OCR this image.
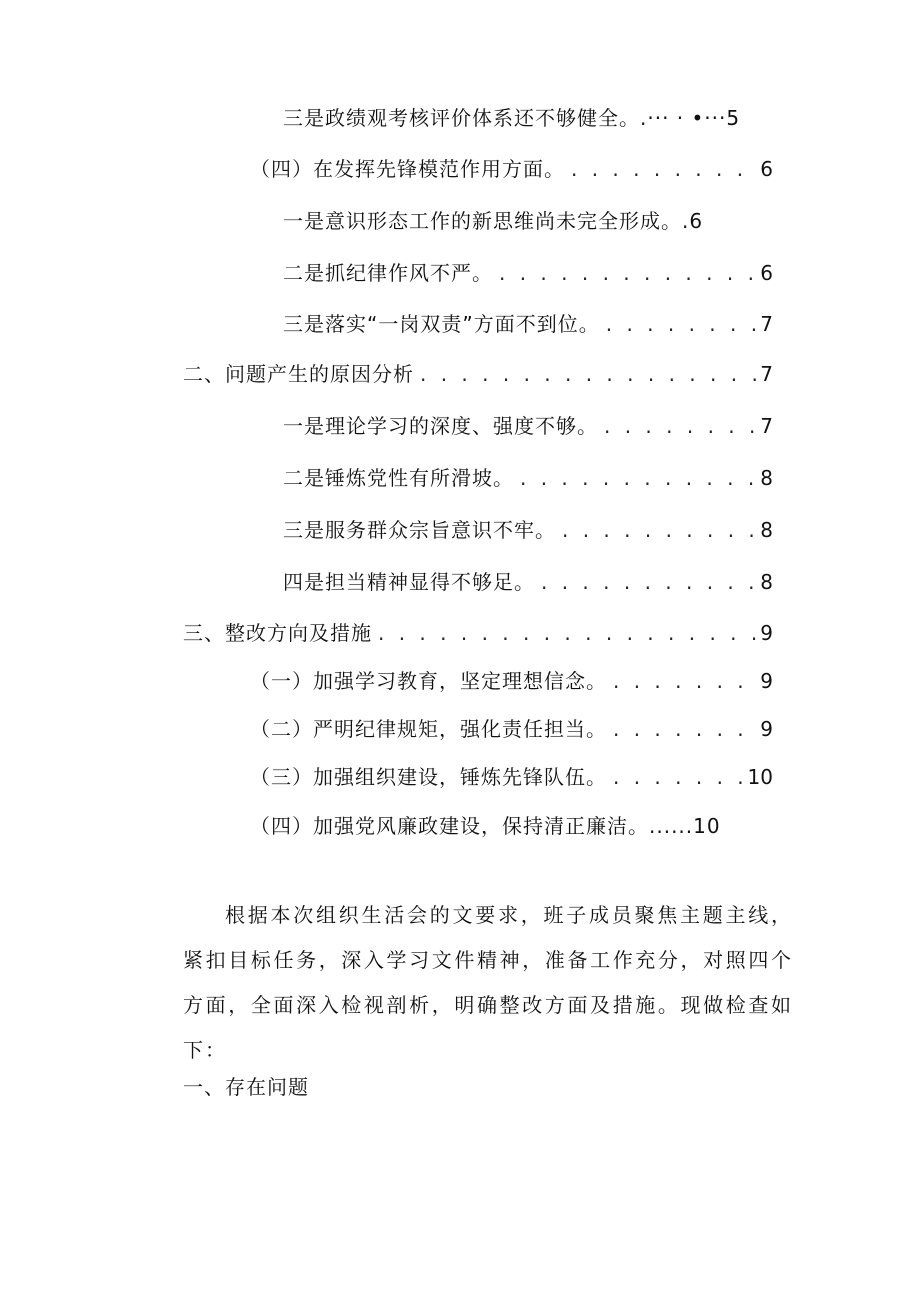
三是政绩观考核评价体系还不够健全。. ··· · •···5
（四）在发挥先锋模范作用方面。 . . .	6
一是意识形态工作的新思维尚未完全形成。 .6
二是抓纪律作风不严。 . . .	6
三是落实“一岗双责”方面不到位。 . . .	7
二、问题产生的原因分析 . . .	7
一是理论学习的深度、强度不够。 . . .	7
二是锤炼党性有所滑坡。 . . .	8
三是服务群众宗旨意识不牢。 . . .	8
四是担当精神显得不够足。 . . .	8
三、整改方向及措施 . . .	9
（一）加强学习教育，坚定理想信念。 . . .	9
（二）严明纪律规矩，强化责任担当。 . . .	9
（三）加强组织建设，锤炼先锋队伍。 . . .	10
（四）加强党风廉政建设，保持清正廉洁。 ......10

根据本次组织生活会的文要求，班子成员聚焦主题主线，紧扣目标任务，深入学习文件精神，准备工作充分，对照四个方面，全面深入检视剖析，明确整改方面及措施。现做检查如下：

一、存在问题
